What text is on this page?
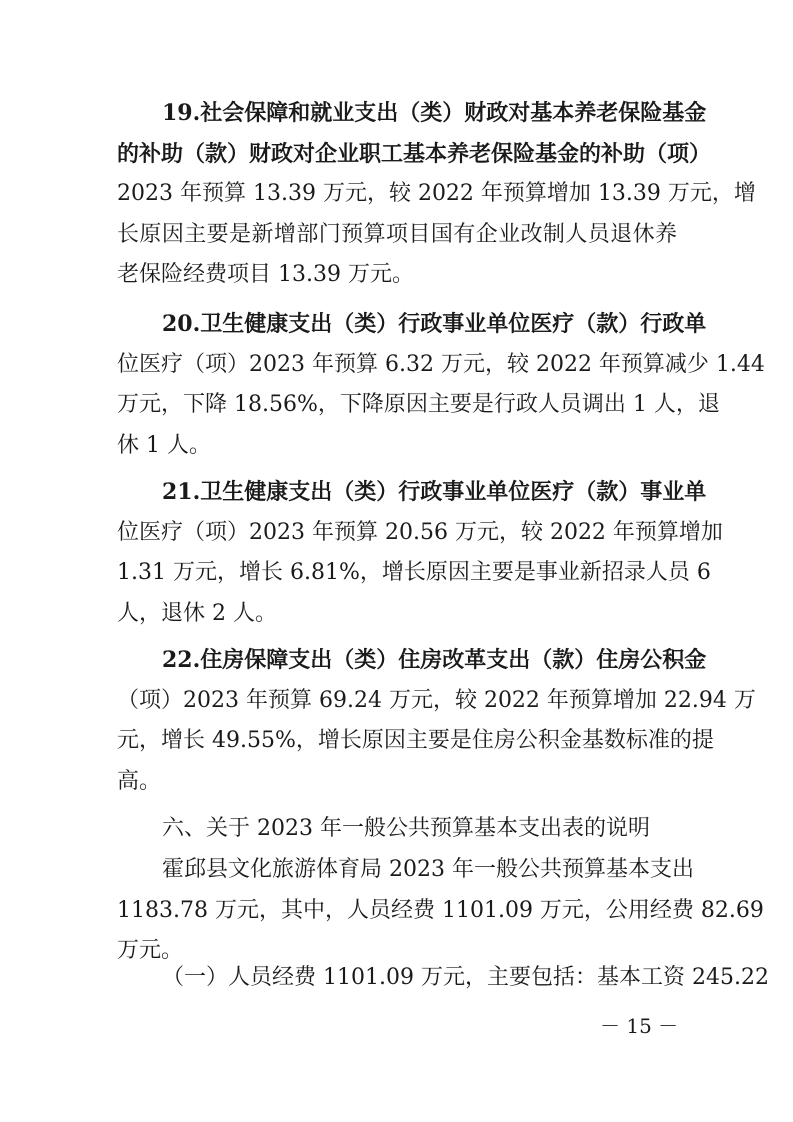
19.社会保障和就业支出（类）财政对基本养老保险基金
的补助（款）财政对企业职工基本养老保险基金的补助（项）
2023 年预算 13.39 万元，较 2022 年预算增加 13.39 万元，增
长原因主要是新增部门预算项目国有企业改制人员退休养
老保险经费项目 13.39 万元。
20.卫生健康支出（类）行政事业单位医疗（款）行政单
位医疗（项）2023 年预算 6.32 万元，较 2022 年预算减少 1.44
万元，下降 18.56%，下降原因主要是行政人员调出 1 人，退
休 1 人。
21.卫生健康支出（类）行政事业单位医疗（款）事业单
位医疗（项）2023 年预算 20.56 万元，较 2022 年预算增加
1.31 万元，增长 6.81%，增长原因主要是事业新招录人员 6
人，退休 2 人。
22.住房保障支出（类）住房改革支出（款）住房公积金
（项）2023 年预算 69.24 万元，较 2022 年预算增加 22.94 万
元，增长 49.55%，增长原因主要是住房公积金基数标准的提
高。
六、关于 2023 年一般公共预算基本支出表的说明
霍邱县文化旅游体育局 2023 年一般公共预算基本支出
1183.78 万元，其中，人员经费 1101.09 万元，公用经费 82.69
万元。
（一）人员经费 1101.09 万元，主要包括：基本工资 245.22
－ 15 －
